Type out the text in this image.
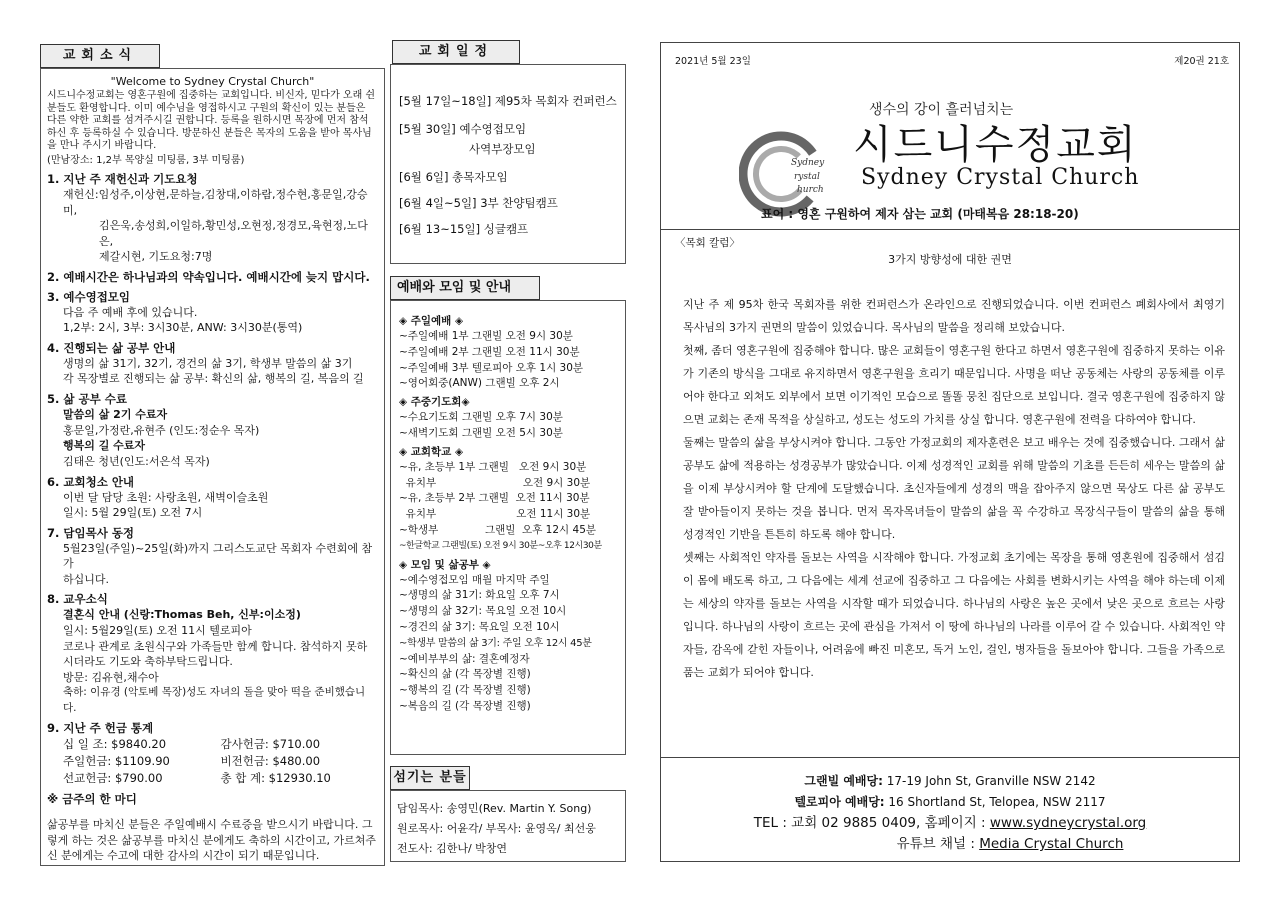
교회소식
"Welcome to Sydney Crystal Church"
시드니수정교회는 영혼구원에 집중하는 교회입니다. 비신자, 믿다가 오래 쉰 분들도 환영합니다. 이미 예수님을 영접하시고 구원의 확신이 있는 분들은 다른 약한 교회를 섬겨주시길 권합니다. 등록을 원하시면 목장에 먼저 참석 하신 후 등록하실 수 있습니다. 방문하신 분들은 목자의 도움을 받아 목사님을 만나 주시기 바랍니다.
(만남장소: 1,2부 목양실 미팅룸, 3부 미팅룸)
1. 지난 주 재헌신과 기도요청
재헌신:임성주,이상현,문하늘,김창대,이하람,정수현,홍문일,강승미,
김은욱,송성희,이일하,황민성,오현정,정경모,육현정,노다은,
제갈시현, 기도요청:7명
2. 예배시간은 하나님과의 약속입니다. 예배시간에 늦지 맙시다.
3. 예수영접모임
다음 주 예배 후에 있습니다.
1,2부: 2시, 3부: 3시30분, ANW: 3시30분(통역)
4. 진행되는 삶 공부 안내
생명의 삶 31기, 32기, 경건의 삶 3기, 학생부 말씀의 삶 3기
각 목장별로 진행되는 삶 공부: 확신의 삶, 행복의 길, 복음의 길
5. 삶 공부 수료
말씀의 삶 2기 수료자
홍문일,가정란,유현주 (인도:정순우 목자)
행복의 길 수료자
김태은 청년(인도:서은석 목자)
6. 교회청소 안내
이번 달 담당 초원: 사랑초원, 새벽이슬초원
일시: 5월 29일(토) 오전 7시
7. 담임목사 동정
5월23일(주일)~25일(화)까지 그리스도교단 목회자 수련회에 참가
하십니다.
8. 교우소식
결혼식 안내 (신랑:Thomas Beh, 신부:이소정)
일시: 5월29일(토) 오전 11시 텔로피아
코로나 관계로 초원식구와 가족들만 함께 합니다. 참석하지 못하
시더라도 기도와 축하부탁드립니다.
방문: 김유현,채수아
축하: 이유경 (악토베 목장)성도 자녀의 돌을 맞아 떡을 준비했습니다.
9. 지난 주 헌금 통계
십 일 조: $9840.20	감사헌금: $710.00
주일헌금: $1109.90	비전헌금: $480.00
선교헌금: $790.00	총 합 계: $12930.10
※ 금주의 한 마디
삶공부를 마치신 분들은 주일예배시 수료증을 받으시기 바랍니다. 그렇게 하는 것은 삶공부를 마치신 분에게도 축하의 시간이고, 가르쳐주신 분에게는 수고에 대한 감사의 시간이 되기 때문입니다.
교회일정
[5월 17일~18일] 제95차 목회자 컨퍼런스
[5월 30일] 예수영접모임
사역부장모임
[6월 6일] 총목자모임
[6월 4일~5일] 3부 찬양팀캠프
[6월 13~15일] 싱글캠프
예배와 모임 및 안내
◈ 주일예배 ◈
~주일예배 1부 그랜빌 오전 9시 30분
~주일예배 2부 그랜빌 오전 11시 30분
~주일예배 3부 텔로피아 오후 1시 30분
~영어회중(ANW) 그랜빌 오후 2시
◈ 주중기도회◈
~수요기도회 그랜빌 오후 7시 30분
~새벽기도회 그랜빌 오전 5시 30분
◈ 교회학교 ◈
~유, 초등부 1부 그랜빌   오전 9시 30분
유치부                          오전 9시 30분
~유, 초등부 2부 그랜빌  오전 11시 30분
유치부                        오전 11시 30분
~학생부              그랜빌  오후 12시 45분
~한글학교 그랜빌(토) 오전 9시 30분~오후 12시30분
◈ 모임 및 삶공부 ◈
~예수영접모임 매월 마지막 주일
~생명의 삶 31기: 화요일 오후 7시
~생명의 삶 32기: 목요일 오전 10시
~경건의 삶 3기: 목요일 오전 10시
~학생부 말씀의 삶 3기: 주일 오후 12시 45분
~예비부부의 삶: 결혼예정자
~확신의 삶 (각 목장별 진행)
~행복의 길 (각 목장별 진행)
~복음의 길 (각 목장별 진행)
섬기는 분들
담임목사: 송영민(Rev. Martin Y. Song)
원로목사: 어윤각/ 부목사: 윤영옥/ 최선웅
전도사: 김한나/ 박창연
2021년 5월 23일	제20권 21호
생수의 강이 흘러넘치는
Sydney
rystal
hurch
시드니수정교회
Sydney Crystal Church
표어 : 영혼 구원하여 제자 삼는 교회 (마태복음 28:18-20)
〈목회 칼럼〉
3가지 방향성에 대한 권면

지난 주 제 95차 한국 목회자를 위한 컨퍼런스가 온라인으로 진행되었습니다. 이번 컨퍼런스 폐회사에서 최영기 목사님의 3가지 권면의 말씀이 있었습니다. 목사님의 말씀을 정리해 보았습니다.

첫째, 좀더 영혼구원에 집중해야 합니다. 많은 교회들이 영혼구원 한다고 하면서 영혼구원에 집중하지 못하는 이유가 기존의 방식을 그대로 유지하면서 영혼구원을 흐리기 때문입니다. 사명을 떠난 공동체는 사랑의 공동체를 이루어야 한다고 외쳐도 외부에서 보면 이기적인 모습으로 똘똘 뭉친 집단으로 보입니다. 결국 영혼구원에 집중하지 않으면 교회는 존재 목적을 상실하고, 성도는 성도의 가치를 상실 합니다. 영혼구원에 전력을 다하여야 합니다.

둘째는 말씀의 삶을 부상시켜야 합니다. 그동안 가정교회의 제자훈련은 보고 배우는 것에 집중했습니다. 그래서 삶공부도 삶에 적용하는 성경공부가 많았습니다. 이제 성경적인 교회를 위해 말씀의 기초를 든든히 세우는 말씀의 삶을 이제 부상시켜야 할 단계에 도달했습니다. 초신자들에게 성경의 맥을 잡아주지 않으면 묵상도 다른 삶 공부도 잘 받아들이지 못하는 것을 봅니다. 먼저 목자목녀들이 말씀의 삶을 꼭 수강하고 목장식구들이 말씀의 삶을 통해 성경적인 기반을 튼튼히 하도록 해야 합니다.

셋째는 사회적인 약자를 돌보는 사역을 시작해야 합니다. 가정교회 초기에는 목장을 통해 영혼원에 집중해서 섬김이 몸에 배도록 하고, 그 다음에는 세계 선교에 집중하고 그 다음에는 사회를 변화시키는 사역을 해야 하는데 이제는 세상의 약자를 돌보는 사역을 시작할 때가 되었습니다. 하나님의 사랑은 높은 곳에서 낮은 곳으로 흐르는 사랑입니다. 하나님의 사랑이 흐르는 곳에 관심을 가져서 이 땅에 하나님의 나라를 이루어 갈 수 있습니다. 사회적인 약자들, 감옥에 갇힌 자들이나, 어려움에 빠진 미혼모, 독거 노인, 걸인, 병자들을 돌보아야 합니다. 그들을 가족으로 품는 교회가 되어야 합니다.

그랜빌 예배당: 17-19 John St, Granville NSW 2142
텔로피아 예배당: 16 Shortland St, Telopea, NSW 2117
TEL : 교회 02 9885 0409, 홈페이지 : www.sydneycrystal.org
유튜브 채널 : Media Crystal Church
